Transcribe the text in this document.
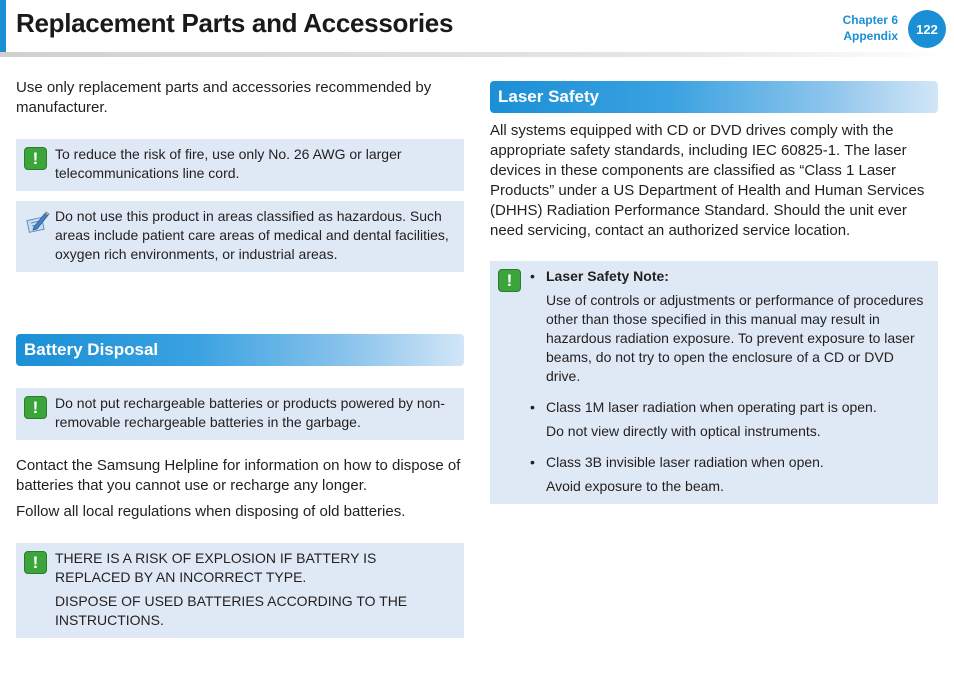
Replacement Parts and Accessories	Chapter 6
Appendix	122

Use only replacement parts and accessories recommended by manufacturer.

!	To reduce the risk of fire, use only No. 26 AWG or larger telecommunications line cord.

Do not use this product in areas classified as hazardous. Such areas include patient care areas of medical and dental facilities, oxygen rich environments, or industrial areas.

Battery Disposal
!	Do not put rechargeable batteries or products powered by non-removable rechargeable batteries in the garbage.

Contact the Samsung Helpline for information on how to dispose of batteries that you cannot use or recharge any longer.

Follow all local regulations when disposing of old batteries.

!	THERE IS A RISK OF EXPLOSION IF BATTERY IS REPLACED BY AN INCORRECT TYPE.

DISPOSE OF USED BATTERIES ACCORDING TO THE INSTRUCTIONS.

Laser Safety

All systems equipped with CD or DVD drives comply with the appropriate safety standards, including IEC 60825-1. The laser devices in these components are classified as “Class 1 Laser Products” under a US Department of Health and Human Services (DHHS) Radiation Performance Standard. Should the unit ever need servicing, contact an authorized service location.

!	• Laser Safety Note:

Use of controls or adjustments or performance of procedures other than those specified in this manual may result in hazardous radiation exposure. To prevent exposure to laser beams, do not try to open the enclosure of a CD or DVD drive.

• Class 1M laser radiation when operating part is open.

Do not view directly with optical instruments.

• Class 3B invisible laser radiation when open.

Avoid exposure to the beam.
